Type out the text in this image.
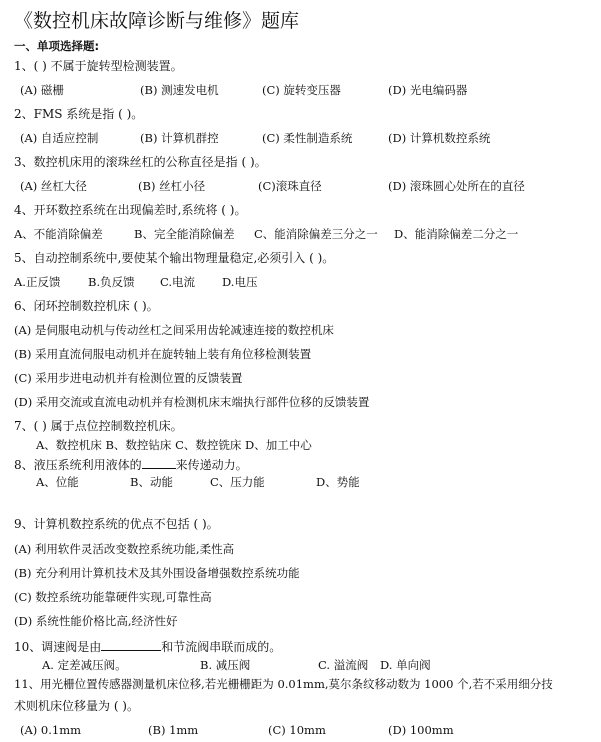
《数控机床故障诊断与维修》题库
一、单项选择题:
1、( ) 不属于旋转型检测装置。
(A) 磁栅	(B) 测速发电机	(C) 旋转变压器	(D) 光电编码器
2、FMS 系统是指 ( )。
(A) 自适应控制	(B) 计算机群控	(C) 柔性制造系统	(D) 计算机数控系统
3、数控机床用的滚珠丝杠的公称直径是指 ( )。
(A) 丝杠大径	(B) 丝杠小径	(C)滚珠直径	(D) 滚珠圆心处所在的直径
4、开环数控系统在出现偏差时,系统将 ( )。
A、不能消除偏差	B、完全能消除偏差 C、能消除偏差三分之一 D、能消除偏差二分之一
5、自动控制系统中,要使某个输出物理量稳定,必须引入 ( )。
A.正反馈 B.负反馈 C.电流 D.电压
6、闭环控制数控机床 ( )。
(A) 是伺服电动机与传动丝杠之间采用齿轮减速连接的数控机床
(B) 采用直流伺服电动机并在旋转轴上装有角位移检测装置
(C) 采用步进电动机并有检测位置的反馈装置
(D) 采用交流或直流电动机并有检测机床末端执行部件位移的反馈装置
7、( ) 属于点位控制数控机床。
A、数控机床 B、数控钻床 C、数控铣床 D、加工中心
8、液压系统利用液体的	来传递动力。
A、位能	B、动能	C、压力能	D、势能
9、计算机数控系统的优点不包括 ( )。
(A) 利用软件灵活改变数控系统功能,柔性高
(B) 充分利用计算机技术及其外围设备增强数控系统功能
(C) 数控系统功能靠硬件实现,可靠性高
(D) 系统性能价格比高,经济性好
10、调速阀是由	和节流阀串联而成的。
A. 定差减压阀。	B. 减压阀	C. 溢流阀 D. 单向阀
11、用光栅位置传感器测量机床位移,若光栅栅距为 0.01mm,莫尔条纹移动数为 1000 个,若不采用细分技
术则机床位移量为 ( )。
(A) 0.1mm	(B) 1mm	(C) 10mm	(D) 100mm
